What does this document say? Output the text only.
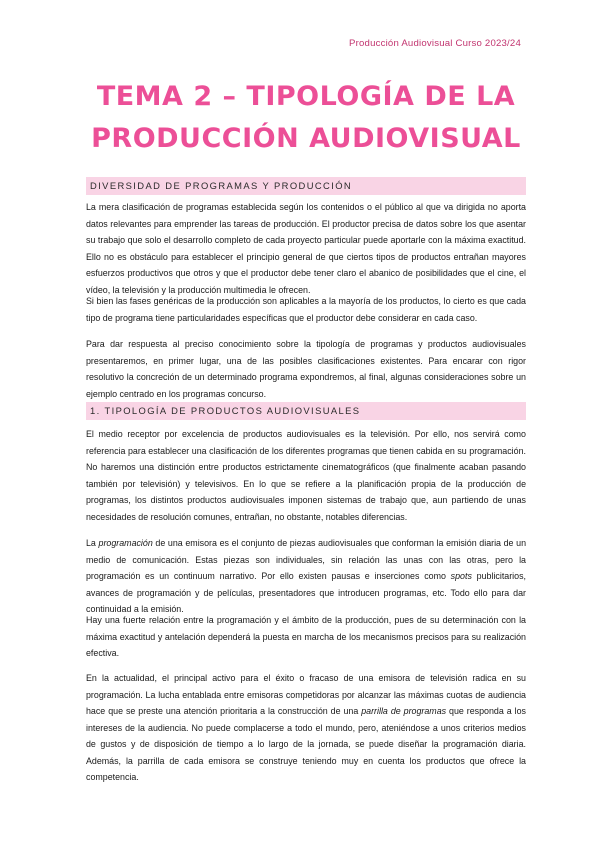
Producción Audiovisual Curso 2023/24
TEMA 2 – TIPOLOGÍA DE LA PRODUCCIÓN AUDIOVISUAL
DIVERSIDAD DE PROGRAMAS Y PRODUCCIÓN

La mera clasificación de programas establecida según los contenidos o el público al que va dirigida no aporta datos relevantes para emprender las tareas de producción. El productor precisa de datos sobre los que asentar su trabajo que solo el desarrollo completo de cada proyecto particular puede aportarle con la máxima exactitud. Ello no es obstáculo para establecer el principio general de que ciertos tipos de productos entrañan mayores esfuerzos productivos que otros y que el productor debe tener claro el abanico de posibilidades que el cine, el vídeo, la televisión y la producción multimedia le ofrecen.

Si bien las fases genéricas de la producción son aplicables a la mayoría de los productos, lo cierto es que cada tipo de programa tiene particularidades específicas que el productor debe considerar en cada caso.

Para dar respuesta al preciso conocimiento sobre la tipología de programas y productos audiovisuales presentaremos, en primer lugar, una de las posibles clasificaciones existentes. Para encarar con rigor resolutivo la concreción de un determinado programa expondremos, al final, algunas consideraciones sobre un ejemplo centrado en los programas concurso.

1. TIPOLOGÍA DE PRODUCTOS AUDIOVISUALES

El medio receptor por excelencia de productos audiovisuales es la televisión. Por ello, nos servirá como referencia para establecer una clasificación de los diferentes programas que tienen cabida en su programación. No haremos una distinción entre productos estrictamente cinematográficos (que finalmente acaban pasando también por televisión) y televisivos. En lo que se refiere a la planificación propia de la producción de programas, los distintos productos audiovisuales imponen sistemas de trabajo que, aun partiendo de unas necesidades de resolución comunes, entrañan, no obstante, notables diferencias.

La programación de una emisora es el conjunto de piezas audiovisuales que conforman la emisión diaria de un medio de comunicación. Estas piezas son individuales, sin relación las unas con las otras, pero la programación es un continuum narrativo. Por ello existen pausas e inserciones como spots publicitarios, avances de programación y de películas, presentadores que introducen programas, etc. Todo ello para dar continuidad a la emisión.

Hay una fuerte relación entre la programación y el ámbito de la producción, pues de su determinación con la máxima exactitud y antelación dependerá la puesta en marcha de los mecanismos precisos para su realización efectiva.

En la actualidad, el principal activo para el éxito o fracaso de una emisora de televisión radica en su programación. La lucha entablada entre emisoras competidoras por alcanzar las máximas cuotas de audiencia hace que se preste una atención prioritaria a la construcción de una parrilla de programas que responda a los intereses de la audiencia. No puede complacerse a todo el mundo, pero, ateniéndose a unos criterios medios de gustos y de disposición de tiempo a lo largo de la jornada, se puede diseñar la programación diaria. Además, la parrilla de cada emisora se construye teniendo muy en cuenta los productos que ofrece la competencia.
